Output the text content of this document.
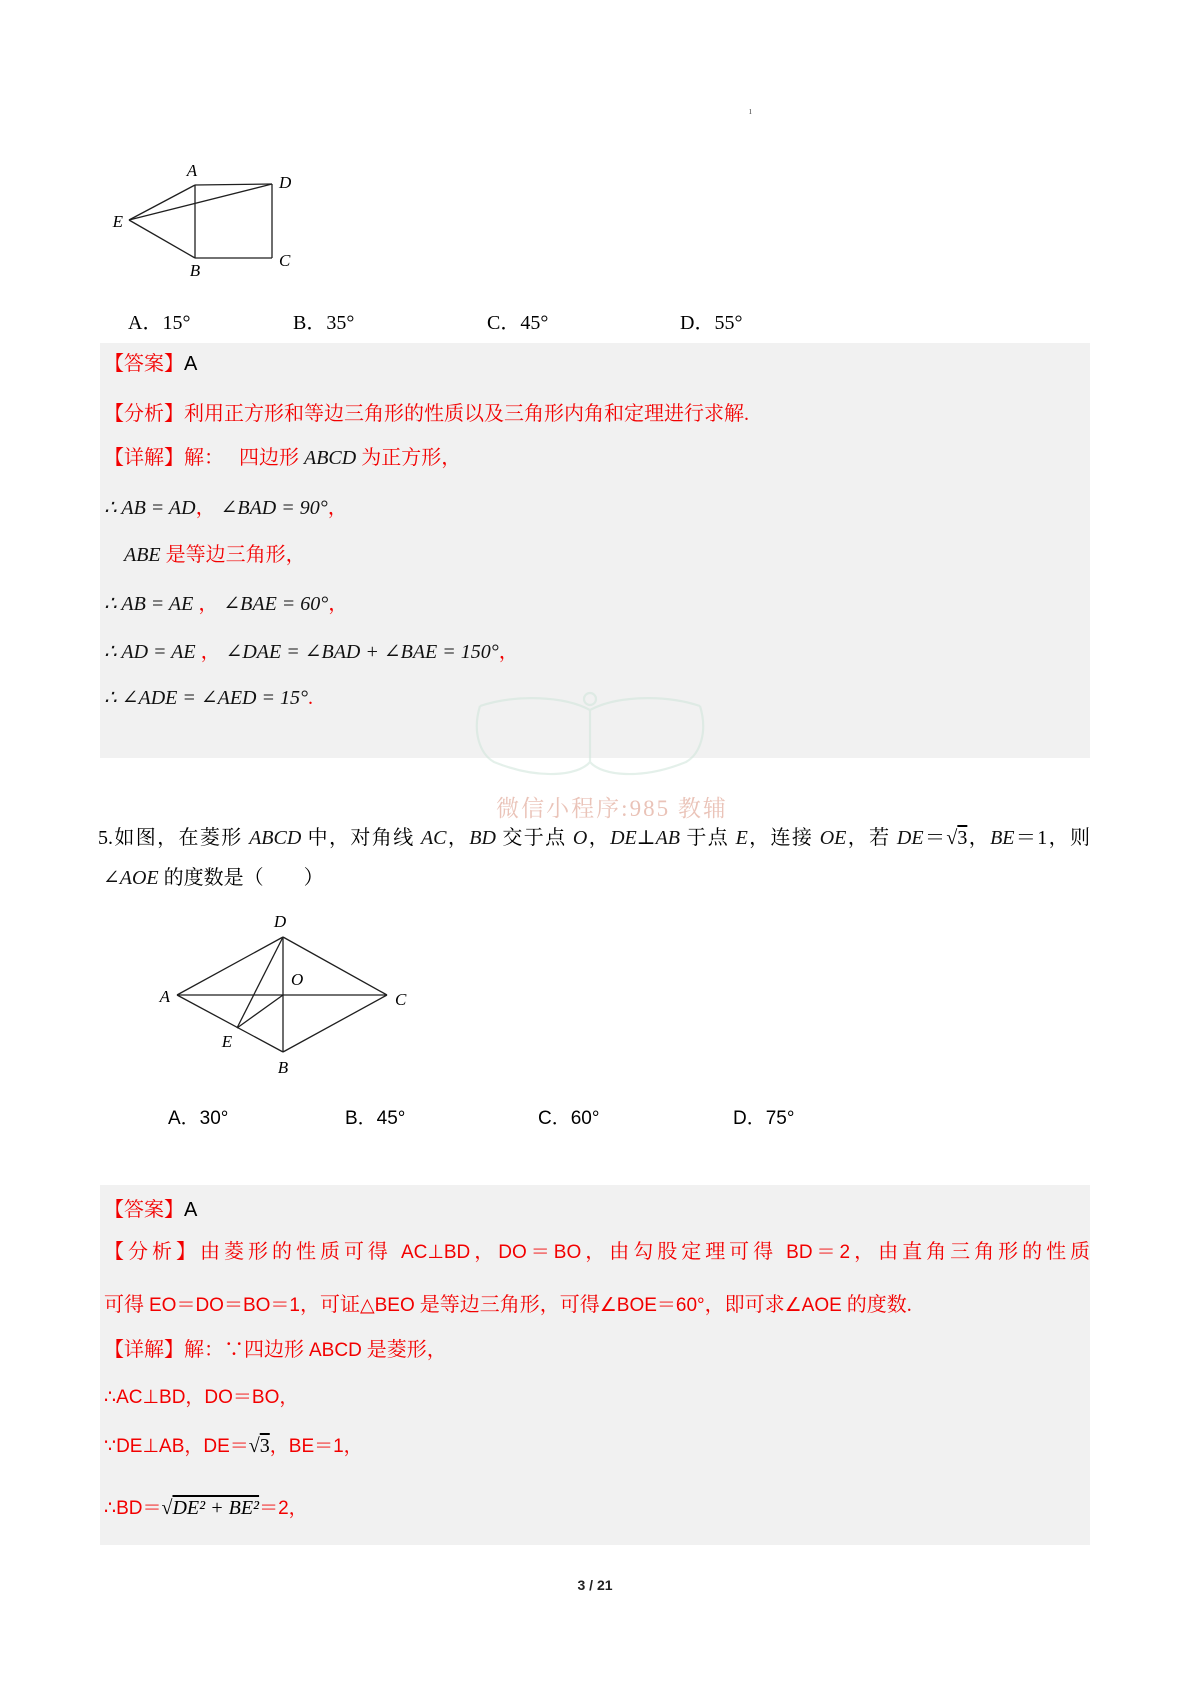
ı
A
D
C
B
E
A．15°	B．35°	C．45°	D．55°
【答案】A
【分析】利用正方形和等边三角形的性质以及三角形内角和定理进行求解.
【详解】解：　 四边形 ABCD 为正方形，
∴ AB = AD， ∠BAD = 90°，
ABE 是等边三角形，
∴ AB = AE ， ∠BAE = 60°，
∴ AD = AE ， ∠DAE = ∠BAD + ∠BAE = 150°，
∴ ∠ADE = ∠AED = 15°.
微信小程序:985 教辅
5.如图，在菱形 ABCD 中，对角线 AC，BD 交于点 O，DE⊥AB 于点 E，连接 OE，若 DE＝√3，BE＝1，则
∠AOE 的度数是（　　 ）
D
A	C
B
O
E
A．30°	B．45°	C．60°	D．75°
【答案】A
【分析】由菱形的性质可得 AC⊥BD，DO＝BO，由勾股定理可得 BD＝2，由直角三角形的性质
可得 EO＝DO＝BO＝1，可证△BEO 是等边三角形，可得∠BOE＝60°，即可求∠AOE 的度数.
【详解】解：∵四边形 ABCD 是菱形，
∴AC⊥BD，DO＝BO，
∵DE⊥AB，DE＝√3，BE＝1，
∴BD＝√DE² + BE²＝2，
3 / 21
